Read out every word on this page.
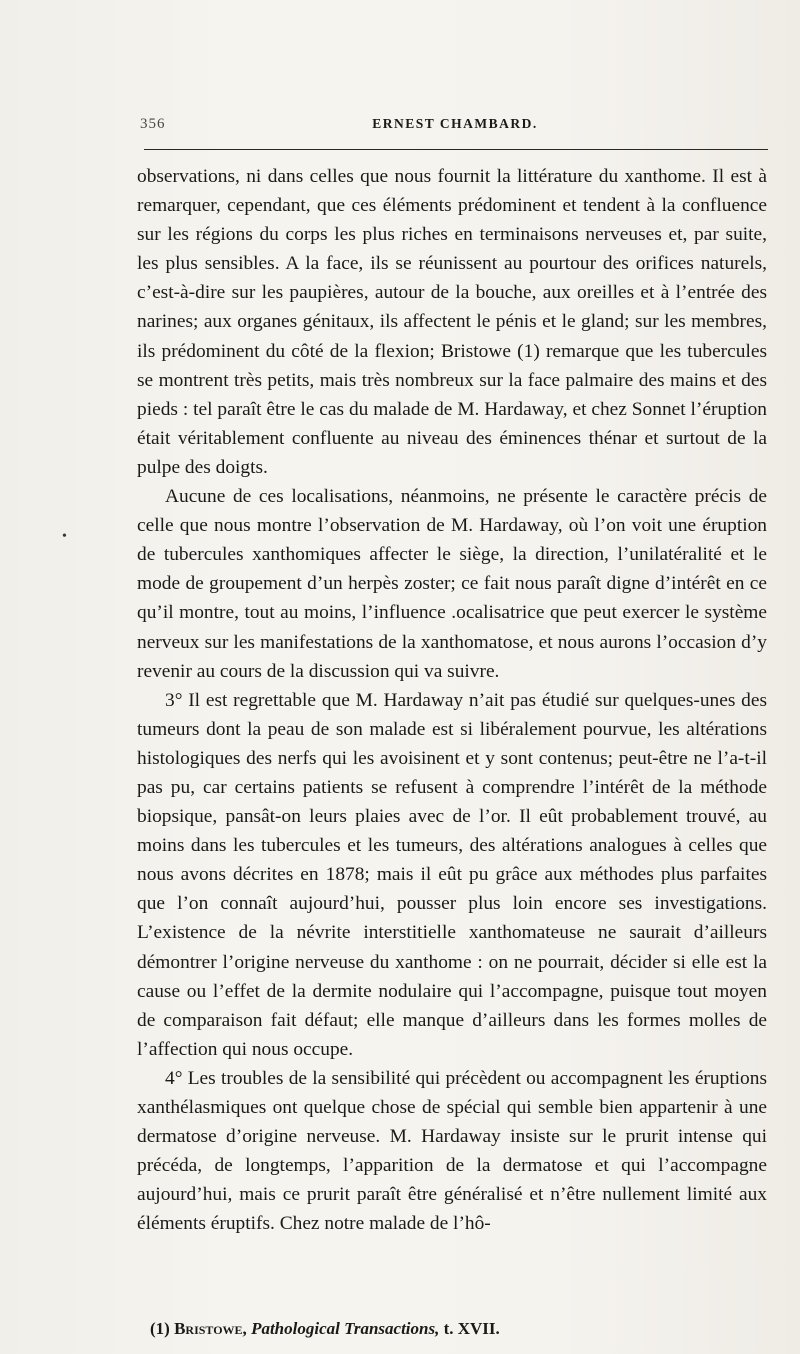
356	ERNEST CHAMBARD.
•

observations, ni dans celles que nous fournit la littérature du xanthome. Il est à remarquer, cependant, que ces éléments prédominent et tendent à la confluence sur les régions du corps les plus riches en terminaisons nerveuses et, par suite, les plus sensibles. A la face, ils se réunissent au pourtour des orifices naturels, c’est-à-dire sur les paupières, autour de la bouche, aux oreilles et à l’entrée des narines; aux organes génitaux, ils affectent le pénis et le gland; sur les membres, ils prédominent du côté de la flexion; Bristowe (1) remarque que les tubercules se montrent très petits, mais très nombreux sur la face palmaire des mains et des pieds : tel paraît être le cas du malade de M. Hardaway, et chez Sonnet l’éruption était véritablement confluente au niveau des éminences thénar et surtout de la pulpe des doigts.

Aucune de ces localisations, néanmoins, ne présente le caractère précis de celle que nous montre l’observation de M. Hardaway, où l’on voit une éruption de tubercules xanthomiques affecter le siège, la direction, l’unilatéralité et le mode de groupement d’un herpès zoster; ce fait nous paraît digne d’intérêt en ce qu’il montre, tout au moins, l’influence .ocalisatrice que peut exercer le système nerveux sur les manifestations de la xanthomatose, et nous aurons l’occasion d’y revenir au cours de la discussion qui va suivre.

3° Il est regrettable que M. Hardaway n’ait pas étudié sur quelques-unes des tumeurs dont la peau de son malade est si libéralement pourvue, les altérations histologiques des nerfs qui les avoisinent et y sont contenus; peut-être ne l’a-t-il pas pu, car certains patients se refusent à comprendre l’intérêt de la méthode biopsique, pansât-on leurs plaies avec de l’or. Il eût probablement trouvé, au moins dans les tubercules et les tumeurs, des altérations analogues à celles que nous avons décrites en 1878; mais il eût pu grâce aux méthodes plus parfaites que l’on connaît aujourd’hui, pousser plus loin encore ses investigations. L’existence de la névrite interstitielle xanthomateuse ne saurait d’ailleurs démontrer l’origine nerveuse du xanthome : on ne pourrait, décider si elle est la cause ou l’effet de la dermite nodulaire qui l’accompagne, puisque tout moyen de comparaison fait défaut; elle manque d’ailleurs dans les formes molles de l’affection qui nous occupe.

4° Les troubles de la sensibilité qui précèdent ou accompagnent les éruptions xanthélasmiques ont quelque chose de spécial qui semble bien appartenir à une dermatose d’origine nerveuse. M. Hardaway insiste sur le prurit intense qui précéda, de longtemps, l’apparition de la dermatose et qui l’accompagne aujourd’hui, mais ce prurit paraît être généralisé et n’être nullement limité aux éléments éruptifs. Chez notre malade de l’hô-

(1) Bristowe, Pathological Transactions, t. XVII.
